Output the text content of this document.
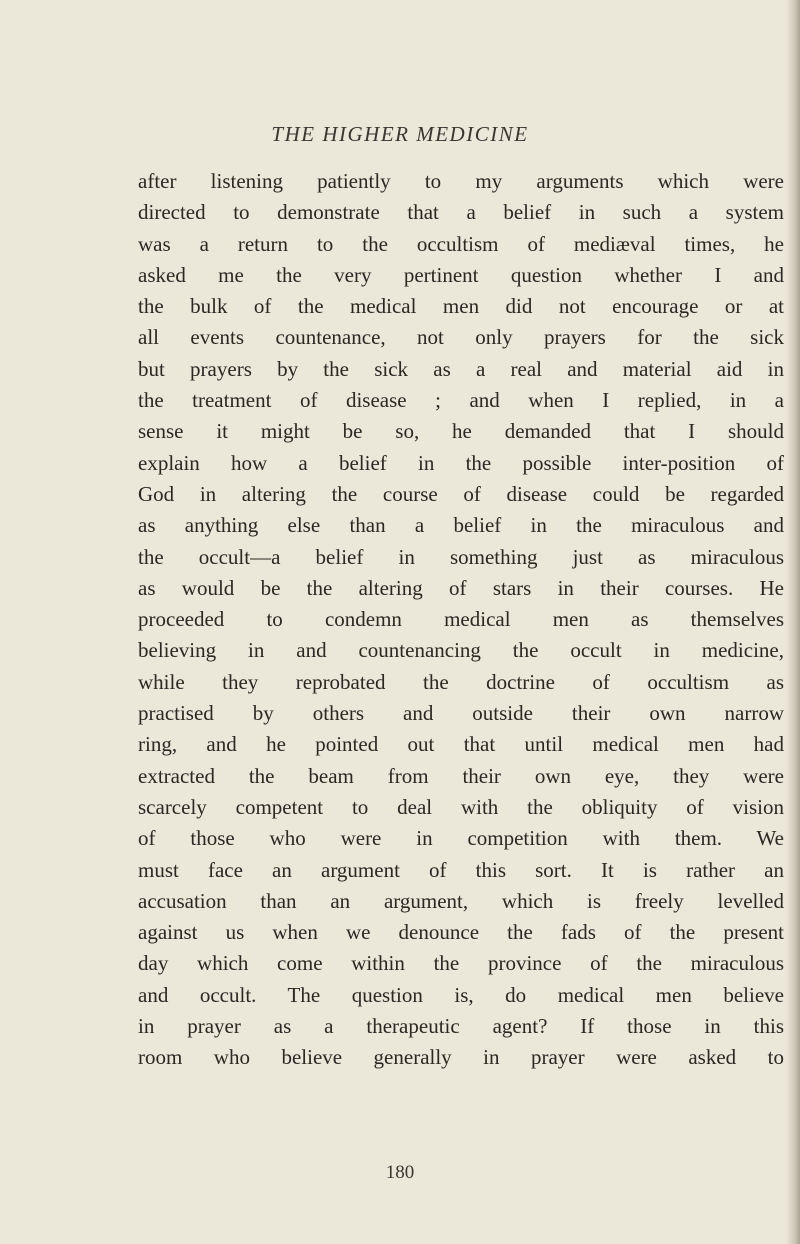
THE HIGHER MEDICINE
after listening patiently to my arguments which were
directed to demonstrate that a belief in such a system
was a return to the occultism of mediæval times, he
asked me the very pertinent question whether I and
the bulk of the medical men did not encourage or at
all events countenance, not only prayers for the sick
but prayers by the sick as a real and material aid in
the treatment of disease ; and when I replied, in a
sense it might be so, he demanded that I should
explain how a belief in the possible inter-position of
God in altering the course of disease could be regarded
as anything else than a belief in the miraculous and
the occult—a belief in something just as miraculous
as would be the altering of stars in their courses. He
proceeded to condemn medical men as themselves
believing in and countenancing the occult in medicine,
while they reprobated the doctrine of occultism as
practised by others and outside their own narrow
ring, and he pointed out that until medical men had
extracted the beam from their own eye, they were
scarcely competent to deal with the obliquity of vision
of those who were in competition with them. We
must face an argument of this sort. It is rather an
accusation than an argument, which is freely levelled
against us when we denounce the fads of the present
day which come within the province of the miraculous
and occult. The question is, do medical men believe
in prayer as a therapeutic agent? If those in this
room who believe generally in prayer were asked to
180
